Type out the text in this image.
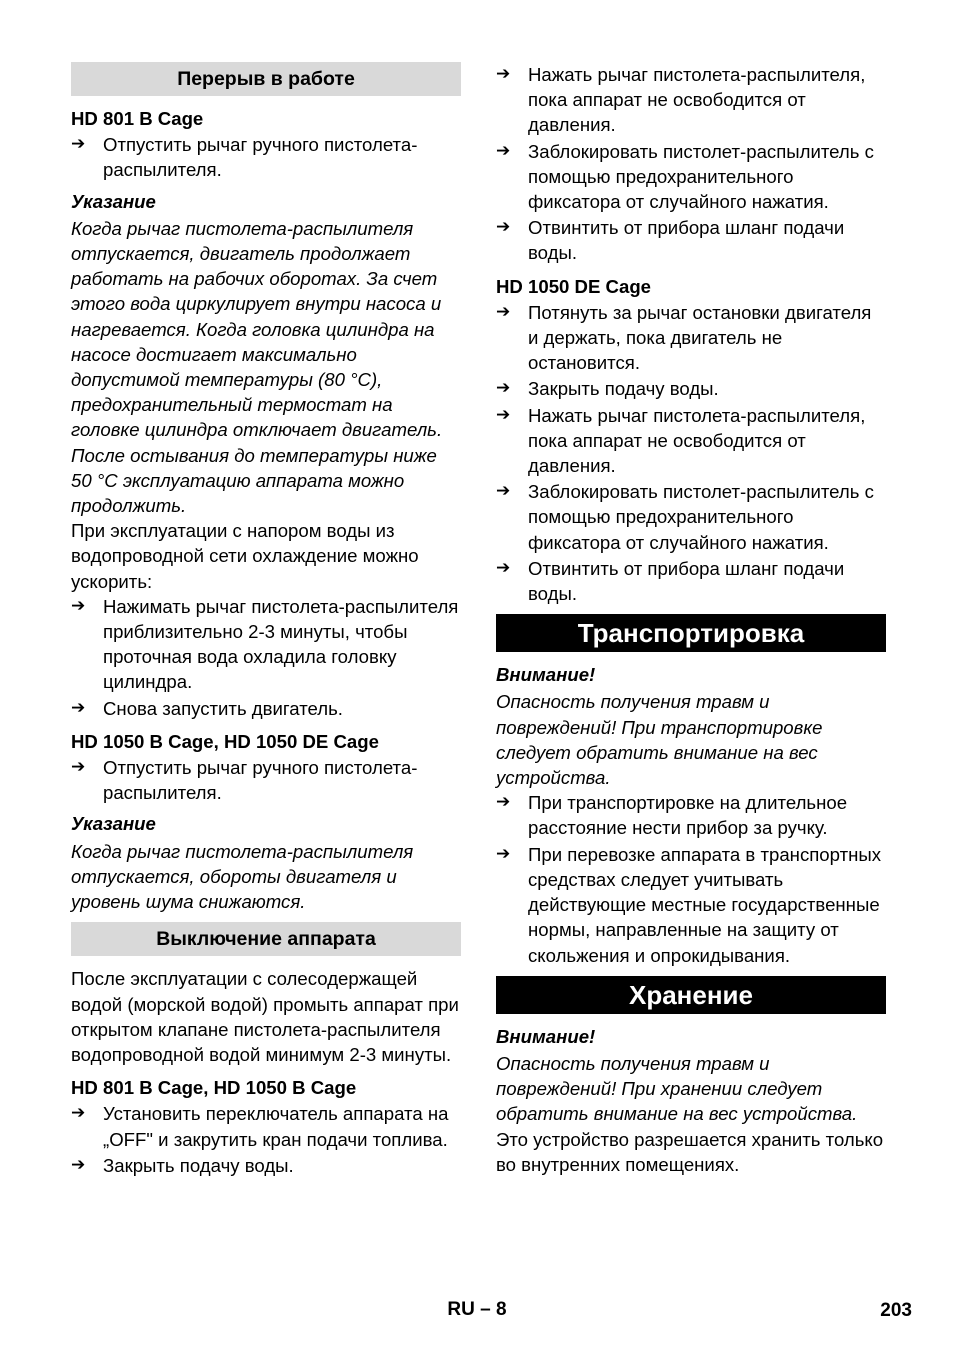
Перерыв в работе
HD 801 B Cage
➔ Отпустить рычаг ручного пистолета-распылителя.
Указание

Когда рычаг пистолета-распылителя отпускается, двигатель продолжает работать на рабочих оборотах. За счет этого вода циркулирует внутри насоса и нагревается. Когда головка цилиндра на насосе достигает максимально допустимой температуры (80 °C), предохранительный термостат на головке цилиндра отключает двигатель. После остывания до температуры ниже 50 °C эксплуатацию аппарата можно продолжить.

При эксплуатации с напором воды из водопроводной сети охлаждение можно ускорить:

➔ Нажимать рычаг пистолета-распылителя приблизительно 2-3 минуты, чтобы проточная вода охладила головку цилиндра.
➔ Снова запустить двигатель.
HD 1050 B Cage, HD 1050 DE Cage
➔ Отпустить рычаг ручного пистолета-распылителя.
Указание

Когда рычаг пистолета-распылителя отпускается, обороты двигателя и уровень шума снижаются.

Выключение аппарата

После эксплуатации с солесодержащей водой (морской водой) промыть аппарат при открытом клапане пистолета-распылителя водопроводной водой минимум 2-3 минуты.

HD 801 B Cage, HD 1050 B Cage
➔ Установить переключатель аппарата на „OFF" и закрутить кран подачи топлива.
➔ Закрыть подачу воды.
➔ Нажать рычаг пистолета-распылителя, пока аппарат не освободится от давления.
➔ Заблокировать пистолет-распылитель с помощью предохранительного фиксатора от случайного нажатия.
➔ Отвинтить от прибора шланг подачи воды.
HD 1050 DE Cage
➔ Потянуть за рычаг остановки двигателя и держать, пока двигатель не остановится.
➔ Закрыть подачу воды.
➔ Нажать рычаг пистолета-распылителя, пока аппарат не освободится от давления.
➔ Заблокировать пистолет-распылитель с помощью предохранительного фиксатора от случайного нажатия.
➔ Отвинтить от прибора шланг подачи воды.
Транспортировка
Внимание!

Опасность получения травм и повреждений! При транспортировке следует обратить внимание на вес устройства.

➔ При транспортировке на длительное расстояние нести прибор за ручку.
➔ При перевозке аппарата в транспортных средствах следует учитывать действующие местные государственные нормы, направленные на защиту от скольжения и опрокидывания.
Хранение
Внимание!

Опасность получения травм и повреждений! При хранении следует обратить внимание на вес устройства.

Это устройство разрешается хранить только во внутренних помещениях.

RU – 8	203
